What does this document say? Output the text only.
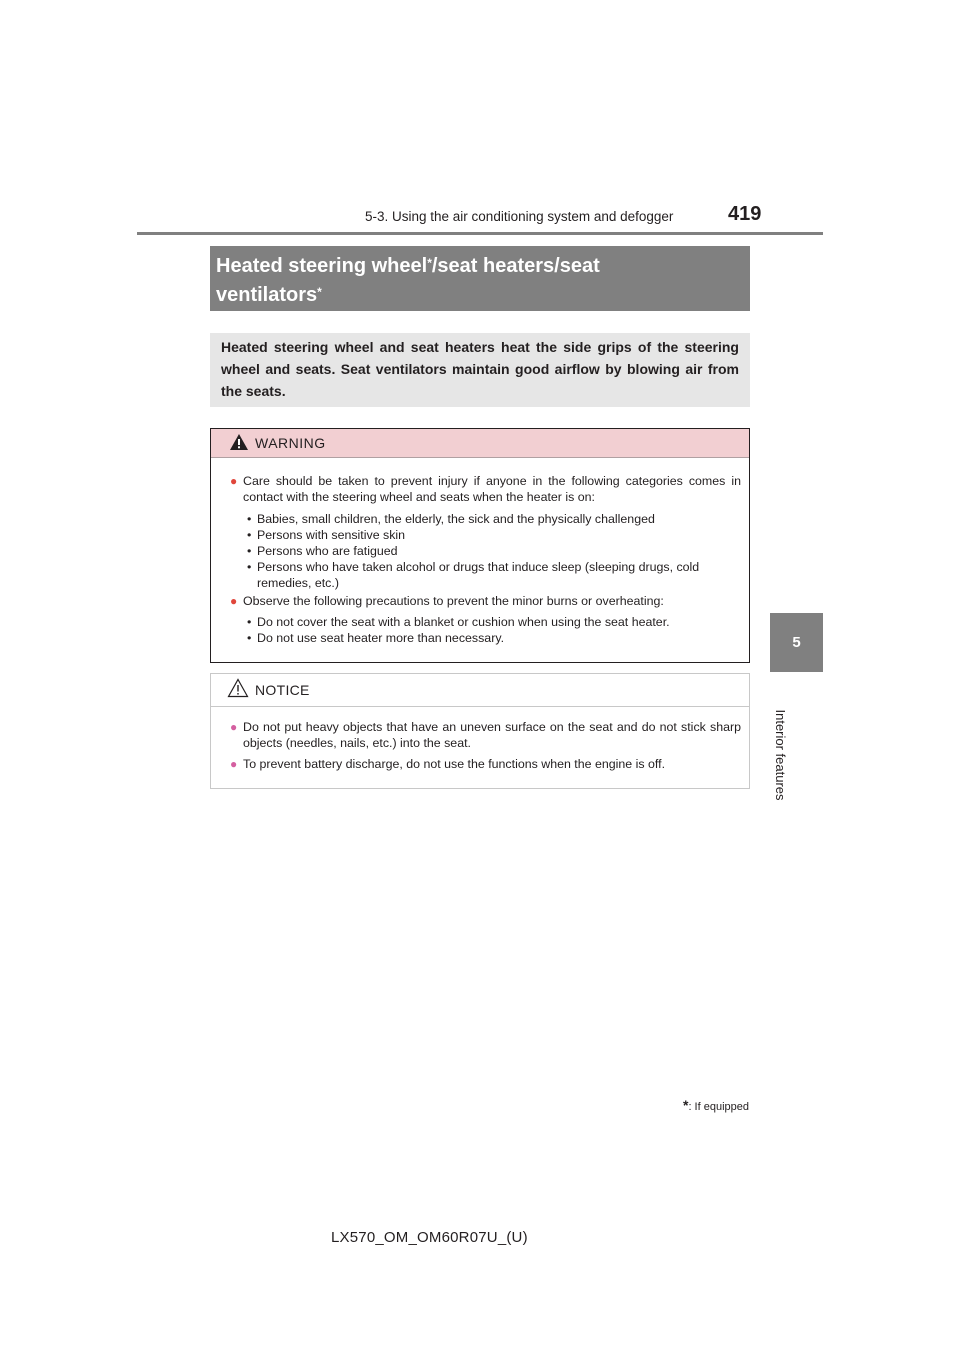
5-3. Using the air conditioning system and defogger	419
5
Interior features
Heated steering wheel*/seat heaters/seat
ventilators*
Heated steering wheel and seat heaters heat the side grips of the steering wheel and seats. Seat ventilators maintain good airflow by blowing air from the seats.
WARNING
● Care should be taken to prevent injury if anyone in the following categories comes in contact with the steering wheel and seats when the heater is on:
• Babies, small children, the elderly, the sick and the physically challenged
• Persons with sensitive skin
• Persons who are fatigued
• Persons who have taken alcohol or drugs that induce sleep (sleeping drugs, cold remedies, etc.)
● Observe the following precautions to prevent the minor burns or overheating:
• Do not cover the seat with a blanket or cushion when using the seat heater.
• Do not use seat heater more than necessary.
NOTICE
● Do not put heavy objects that have an uneven surface on the seat and do not stick sharp objects (needles, nails, etc.) into the seat.
● To prevent battery discharge, do not use the functions when the engine is off.
*: If equipped
LX570_OM_OM60R07U_(U)
